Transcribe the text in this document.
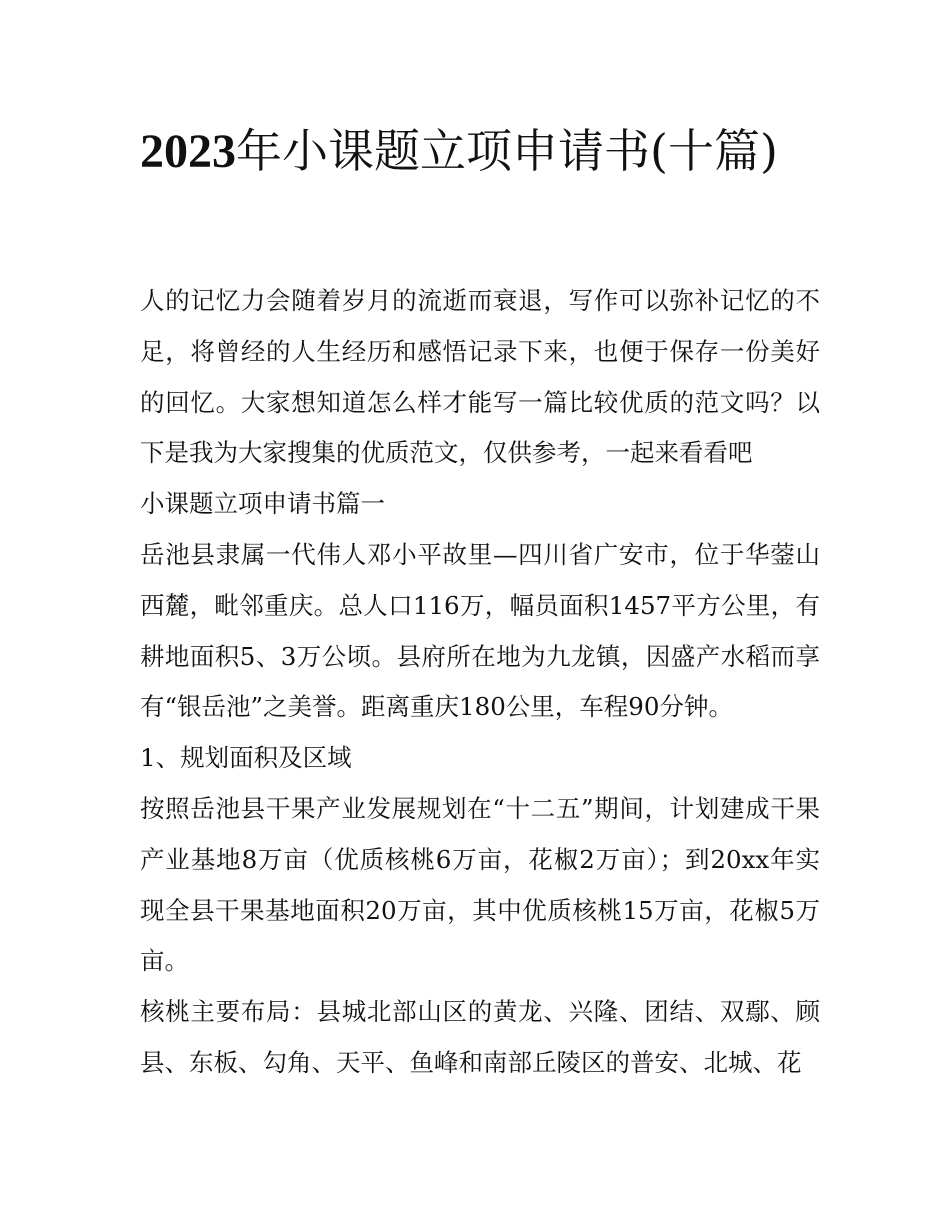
2023年小课题立项申请书(十篇)

人的记忆力会随着岁月的流逝而衰退，写作可以弥补记忆的不足，将曾经的人生经历和感悟记录下来，也便于保存一份美好的回忆。大家想知道怎么样才能写一篇比较优质的范文吗？以下是我为大家搜集的优质范文，仅供参考，一起来看看吧

小课题立项申请书篇一

岳池县隶属一代伟人邓小平故里—四川省广安市，位于华蓥山西麓，毗邻重庆。总人口116万，幅员面积1457平方公里，有耕地面积5、3万公顷。县府所在地为九龙镇，因盛产水稻而享有“银岳池”之美誉。距离重庆180公里，车程90分钟。

1、规划面积及区域

按照岳池县干果产业发展规划在“十二五”期间，计划建成干果产业基地8万亩（优质核桃6万亩，花椒2万亩）；到20xx年实现全县干果基地面积20万亩，其中优质核桃15万亩，花椒5万亩。

核桃主要布局：县城北部山区的黄龙、兴隆、团结、双鄢、顾县、东板、勾角、天平、鱼峰和南部丘陵区的普安、北城、花
